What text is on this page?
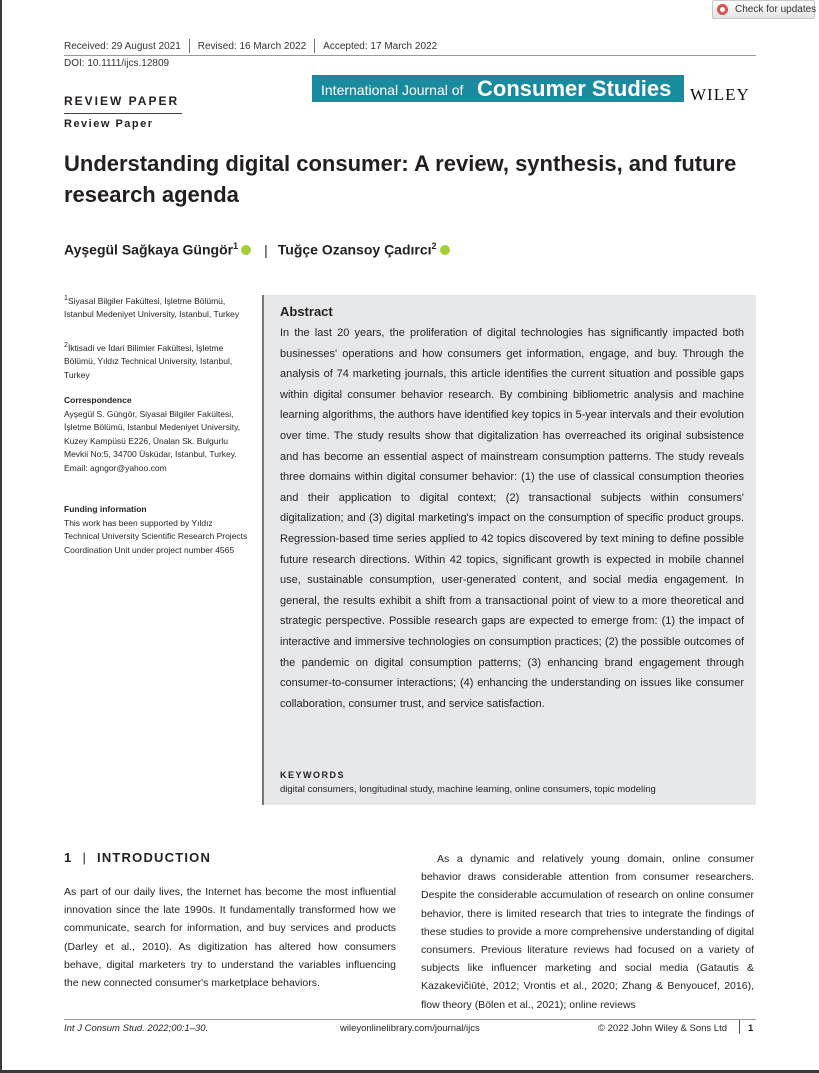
Check for updates
Received: 29 August 2021 Revised: 16 March 2022 Accepted: 17 March 2022
DOI: 10.1111/ijcs.12809
International Journal of Consumer Studies WILEY
REVIEW PAPER
Review Paper
Understanding digital consumer: A review, synthesis, and future research agenda
Ayşegül Sağkaya Güngör$^1$ | Tuğçe Ozansoy Çadırcı$^2$
$^1$Siyasal Bilgiler Fakültesi, İşletme Bölümü, Istanbul Medeniyet University, Istanbul, Turkey
$^2$İktisadi ve İdari Bilimler Fakültesi, İşletme Bölümü, Yıldız Technical University, Istanbul, Turkey
Correspondence
Ayşegül S. Güngör, Siyasal Bilgiler Fakültesi, İşletme Bölümü, Istanbul Medeniyet University, Kuzey Kampüsü E226, Ünalan Sk. Bulgurlu Mevkii No:5, 34700 Üsküdar, Istanbul, Turkey.
Email: agngor@yahoo.com
Funding information
This work has been supported by Yıldız Technical University Scientific Research Projects Coordination Unit under project number 4565
Abstract
In the last 20 years, the proliferation of digital technologies has significantly impacted both businesses' operations and how consumers get information, engage, and buy. Through the analysis of 74 marketing journals, this article identifies the current situation and possible gaps within digital consumer behavior research. By combining bibliometric analysis and machine learning algorithms, the authors have identified key topics in 5-year intervals and their evolution over time. The study results show that digitalization has overreached its original subsistence and has become an essential aspect of mainstream consumption patterns. The study reveals three domains within digital consumer behavior: (1) the use of classical consumption theories and their application to digital context; (2) transactional subjects within consumers' digitalization; and (3) digital marketing's impact on the consumption of specific product groups. Regression-based time series applied to 42 topics discovered by text mining to define possible future research directions. Within 42 topics, significant growth is expected in mobile channel use, sustainable consumption, user-generated content, and social media engagement. In general, the results exhibit a shift from a transactional point of view to a more theoretical and strategic perspective. Possible research gaps are expected to emerge from: (1) the impact of interactive and immersive technologies on consumption practices; (2) the possible outcomes of the pandemic on digital consumption patterns; (3) enhancing brand engagement through consumer-to-consumer interactions; (4) enhancing the understanding on issues like consumer collaboration, consumer trust, and service satisfaction.
KEYWORDS
digital consumers, longitudinal study, machine learning, online consumers, topic modeling
1 | INTRODUCTION
As part of our daily lives, the Internet has become the most influential innovation since the late 1990s. It fundamentally transformed how we communicate, search for information, and buy services and products (Darley et al., 2010). As digitization has altered how consumers behave, digital marketers try to understand the variables influencing the new connected consumer's marketplace behaviors.
As a dynamic and relatively young domain, online consumer behavior draws considerable attention from consumer researchers. Despite the considerable accumulation of research on online consumer behavior, there is limited research that tries to integrate the findings of these studies to provide a more comprehensive understanding of digital consumers. Previous literature reviews had focused on a variety of subjects like influencer marketing and social media (Gatautis & Kazakevičiūtė, 2012; Vrontis et al., 2020; Zhang & Benyoucef, 2016), flow theory (Bölen et al., 2021); online reviews
Int J Consum Stud. 2022;00:1–30.	wileyonlinelibrary.com/journal/ijcs	© 2022 John Wiley & Sons Ltd 1
